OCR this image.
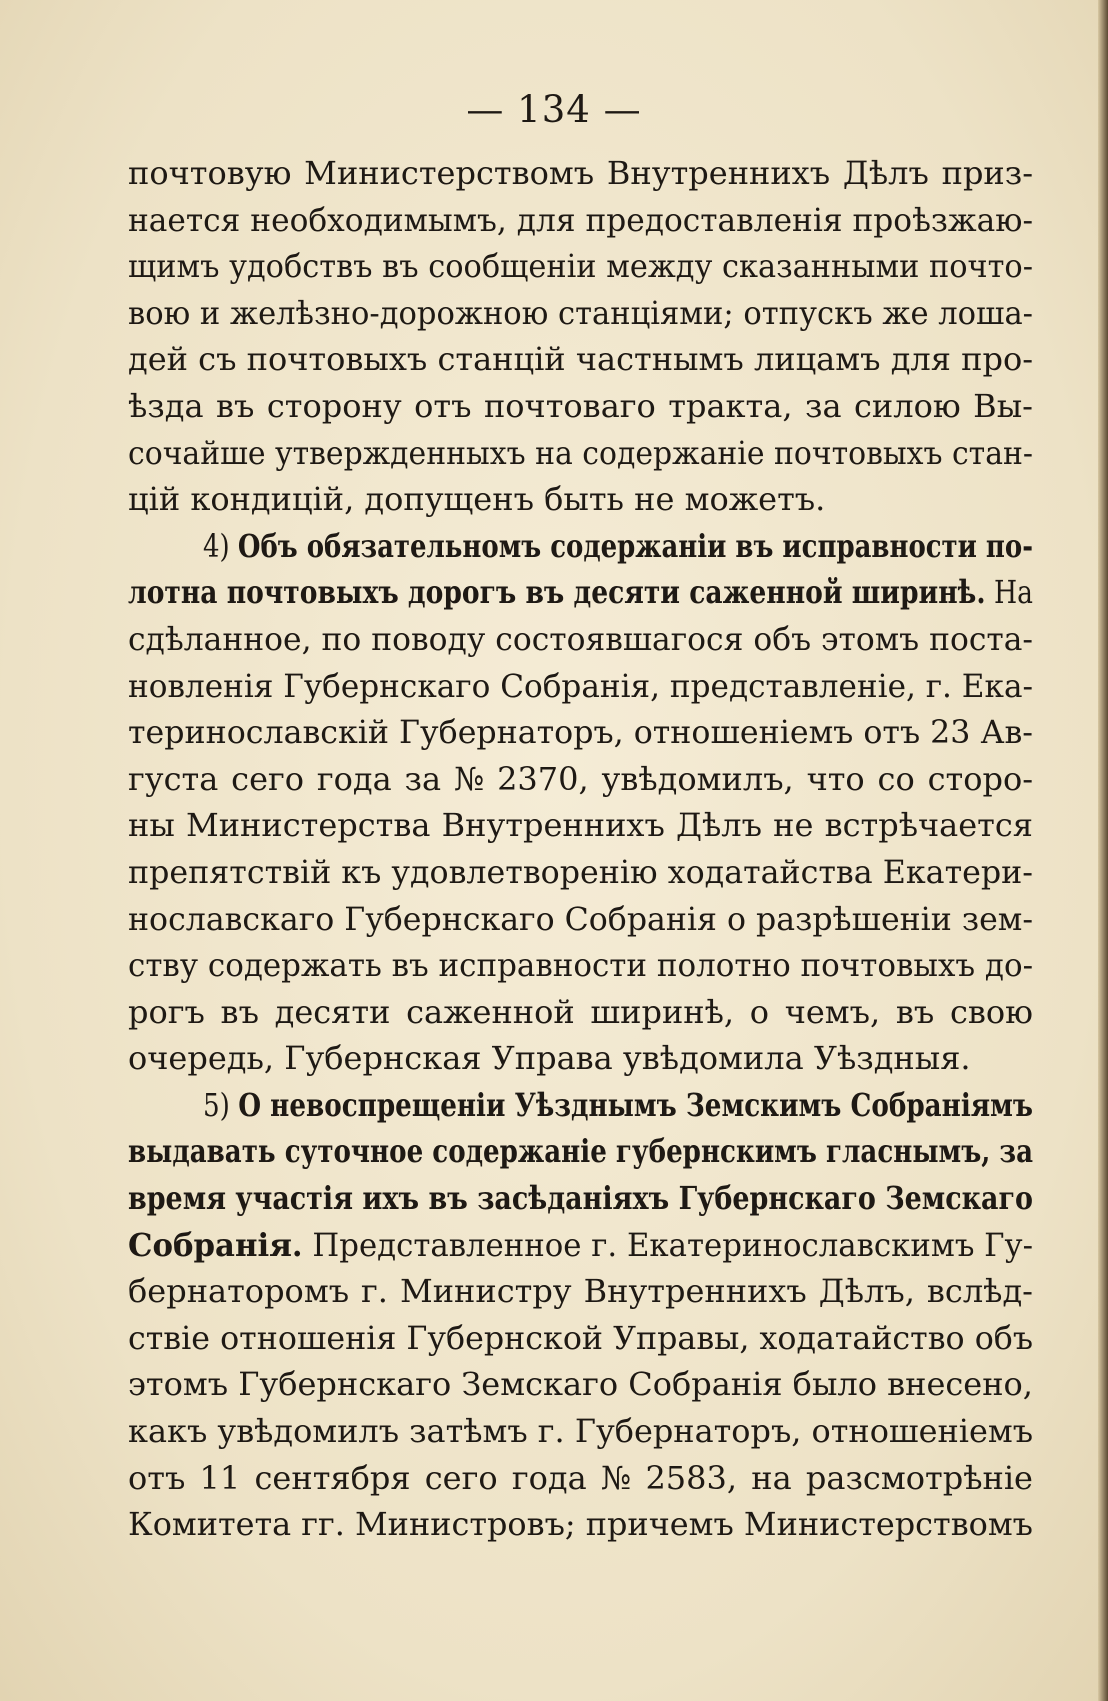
— 134 —
почтовую Министерствомъ Внутреннихъ Дѣлъ приз-
нается необходимымъ, для предоставленія проѣзжаю-
щимъ удобствъ въ сообщеніи между сказанными почто-
вою и желѣзно-дорожною станціями; отпускъ же лоша-
дей съ почтовыхъ станцій частнымъ лицамъ для про-
ѣзда въ сторону отъ почтоваго тракта, за силою Вы-
сочайше утвержденныхъ на содержаніе почтовыхъ стан-
цій кондицій, допущенъ быть не можетъ.
4) Объ обязательномъ содержаніи въ исправности по-
лотна почтовыхъ дорогъ въ десяти саженной ширинѣ. На
сдѣланное, по поводу состоявшагося объ этомъ поста-
новленія Губернскаго Собранія, представленіе, г. Ека-
теринославскій Губернаторъ, отношеніемъ отъ 23 Ав-
густа сего года за № 2370, увѣдомилъ, что со сторо-
ны Министерства Внутреннихъ Дѣлъ не встрѣчается
препятствій къ удовлетворенію ходатайства Екатери-
нославскаго Губернскаго Собранія о разрѣшеніи зем-
ству содержать въ исправности полотно почтовыхъ до-
рогъ въ десяти саженной ширинѣ, о чемъ, въ свою
очередь, Губернская Управа увѣдомила Уѣздныя.
5) О невоспрещеніи Уѣзднымъ Земскимъ Собраніямъ
выдавать суточное содержаніе губернскимъ гласнымъ, за
время участія ихъ въ засѣданіяхъ Губернскаго Земскаго
Собранія. Представленное г. Екатеринославскимъ Гу-
бернаторомъ г. Министру Внутреннихъ Дѣлъ, вслѣд-
ствіе отношенія Губернской Управы, ходатайство объ
этомъ Губернскаго Земскаго Собранія было внесено,
какъ увѣдомилъ затѣмъ г. Губернаторъ, отношеніемъ
отъ 11 сентября сего года № 2583, на разсмотрѣніе
Комитета гг. Министровъ; причемъ Министерствомъ
